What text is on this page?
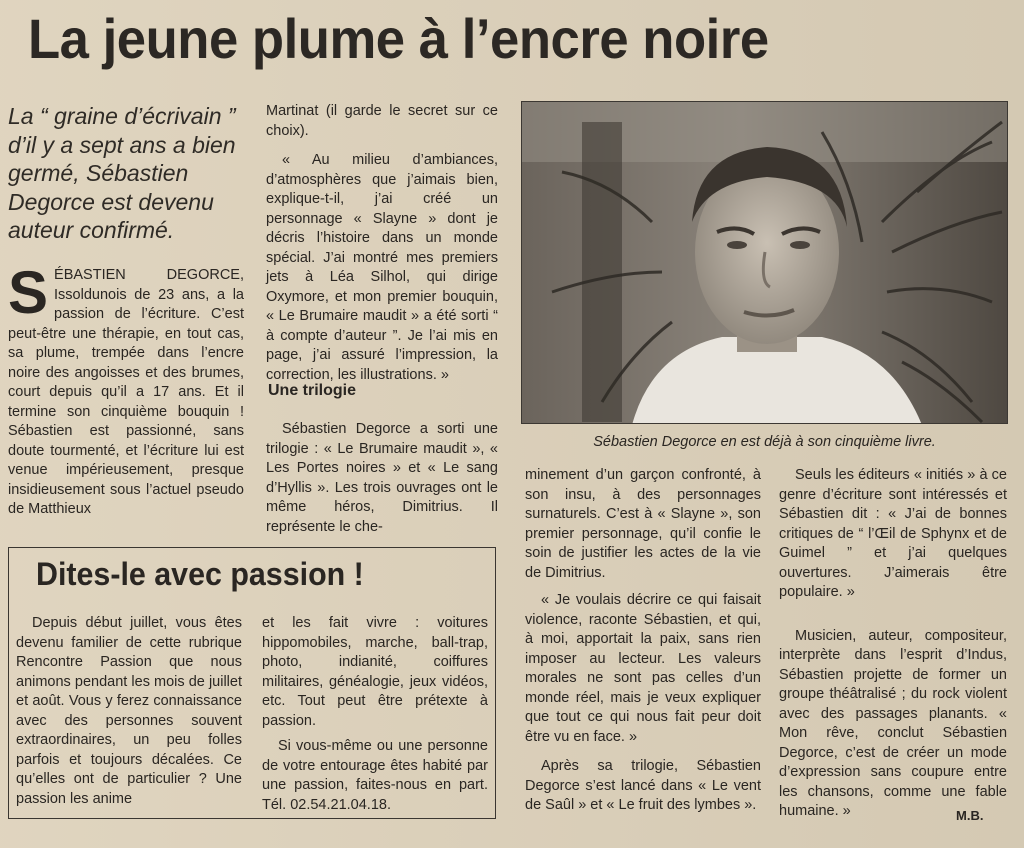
La jeune plume à l’encre noire

La “ graine d’écrivain ” d’il y a sept ans a bien germé, Sébastien Degorce est devenu auteur confirmé.

SÉBASTIEN DEGORCE, Issoldunois de 23 ans, a la passion de l’écriture. C’est peut-être une thérapie, en tout cas, sa plume, trempée dans l’encre noire des angoisses et des brumes, court depuis qu’il a 17 ans. Et il termine son cinquième bouquin ! Sébastien est passionné, sans doute tourmenté, et l’écriture lui est venue impérieusement, presque insidieusement sous l’actuel pseudo de Matthieux

Martinat (il garde le secret sur ce choix).

« Au milieu d’ambiances, d’atmosphères que j’aimais bien, explique-t-il, j’ai créé un personnage « Slayne » dont je décris l’histoire dans un monde spécial. J’ai montré mes premiers jets à Léa Silhol, qui dirige Oxymore, et mon premier bouquin, « Le Brumaire maudit » a été sorti “ à compte d’auteur ”. Je l’ai mis en page, j’ai assuré l’impression, la correction, les illustrations. »

Une trilogie
Sébastien Degorce a sorti une trilogie : « Le Brumaire maudit », « Les Portes noires » et « Le sang d’Hyllis ». Les trois ouvrages ont le même héros, Dimitrius. Il représente le che-
Sébastien Degorce en est déjà à son cinquième livre.

minement d’un garçon confronté, à son insu, à des personnages surnaturels. C’est à « Slayne », son premier personnage, qu’il confie le soin de justifier les actes de la vie de Dimitrius.

« Je voulais décrire ce qui faisait violence, raconte Sébastien, et qui, à moi, apportait la paix, sans rien imposer au lecteur. Les valeurs morales ne sont pas celles d’un monde réel, mais je veux expliquer que tout ce qui nous fait peur doit être vu en face. »

Après sa trilogie, Sébastien Degorce s’est lancé dans « Le vent de Saûl » et « Le fruit des lymbes ».

Seuls les éditeurs « initiés » à ce genre d’écriture sont intéressés et Sébastien dit : « J’ai de bonnes critiques de “ l’Œil de Sphynx et de Guimel ” et j’ai quelques ouvertures. J’aimerais être populaire. »

Musicien, auteur, compositeur, interprète dans l’esprit d’Indus, Sébastien projette de former un groupe théâtralisé ; du rock violent avec des passages planants. « Mon rêve, conclut Sébastien Degorce, c’est de créer un mode d’expression sans coupure entre les chansons, comme une fable humaine. »	M.B.
Dites-le avec passion !
Depuis début juillet, vous êtes devenu familier de cette rubrique Rencontre Passion que nous animons pendant les mois de juillet et août. Vous y ferez connaissance avec des personnes souvent extraordinaires, un peu folles parfois et toujours décalées. Ce qu’elles ont de particulier ? Une passion les anime

et les fait vivre : voitures hippomobiles, marche, ball-trap, photo, indianité, coiffures militaires, généalogie, jeux vidéos, etc. Tout peut être prétexte à passion.

Si vous-même ou une personne de votre entourage êtes habité par une passion, faites-nous en part. Tél. 02.54.21.04.18.
